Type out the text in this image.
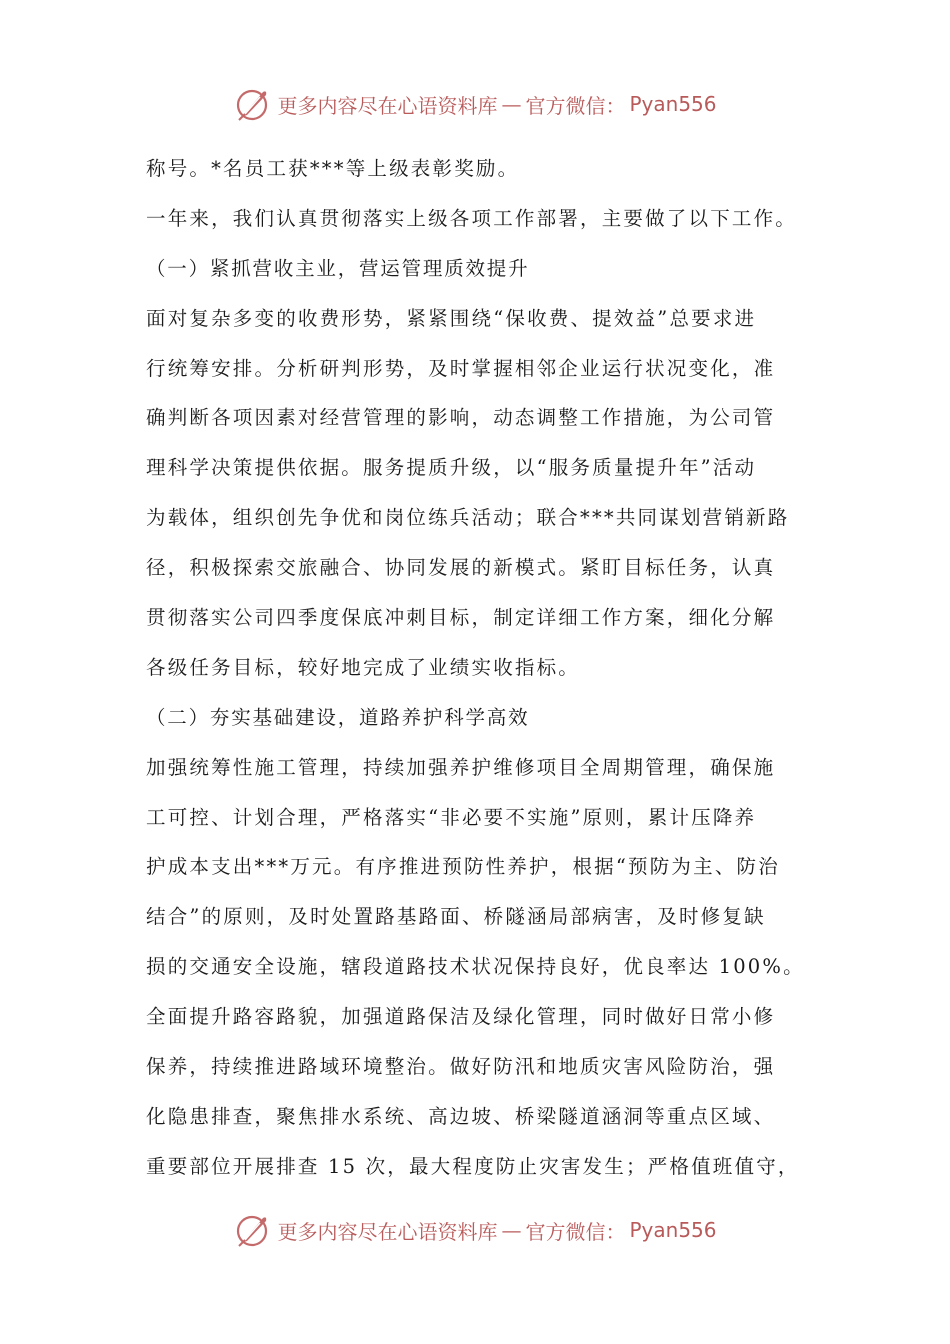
更多内容尽在心语资料库 — 官方微信： Pyan556
称号。*名员工获***等上级表彰奖励。
一年来，我们认真贯彻落实上级各项工作部署，主要做了以下工作。
（一）紧抓营收主业，营运管理质效提升
面对复杂多变的收费形势，紧紧围绕“保收费、提效益”总要求进
行统筹安排。分析研判形势，及时掌握相邻企业运行状况变化，准
确判断各项因素对经营管理的影响，动态调整工作措施，为公司管
理科学决策提供依据。服务提质升级，以“服务质量提升年”活动
为载体，组织创先争优和岗位练兵活动；联合***共同谋划营销新路
径，积极探索交旅融合、协同发展的新模式。紧盯目标任务，认真
贯彻落实公司四季度保底冲刺目标，制定详细工作方案，细化分解
各级任务目标，较好地完成了业绩实收指标。
（二）夯实基础建设，道路养护科学高效
加强统筹性施工管理，持续加强养护维修项目全周期管理，确保施
工可控、计划合理，严格落实“非必要不实施”原则，累计压降养
护成本支出***万元。有序推进预防性养护，根据“预防为主、防治
结合”的原则，及时处置路基路面、桥隧涵局部病害，及时修复缺
损的交通安全设施，辖段道路技术状况保持良好，优良率达 100%。
全面提升路容路貌，加强道路保洁及绿化管理，同时做好日常小修
保养，持续推进路域环境整治。做好防汛和地质灾害风险防治，强
化隐患排查，聚焦排水系统、高边坡、桥梁隧道涵洞等重点区域、
重要部位开展排查 15 次，最大程度防止灾害发生；严格值班值守，
更多内容尽在心语资料库 — 官方微信： Pyan556
